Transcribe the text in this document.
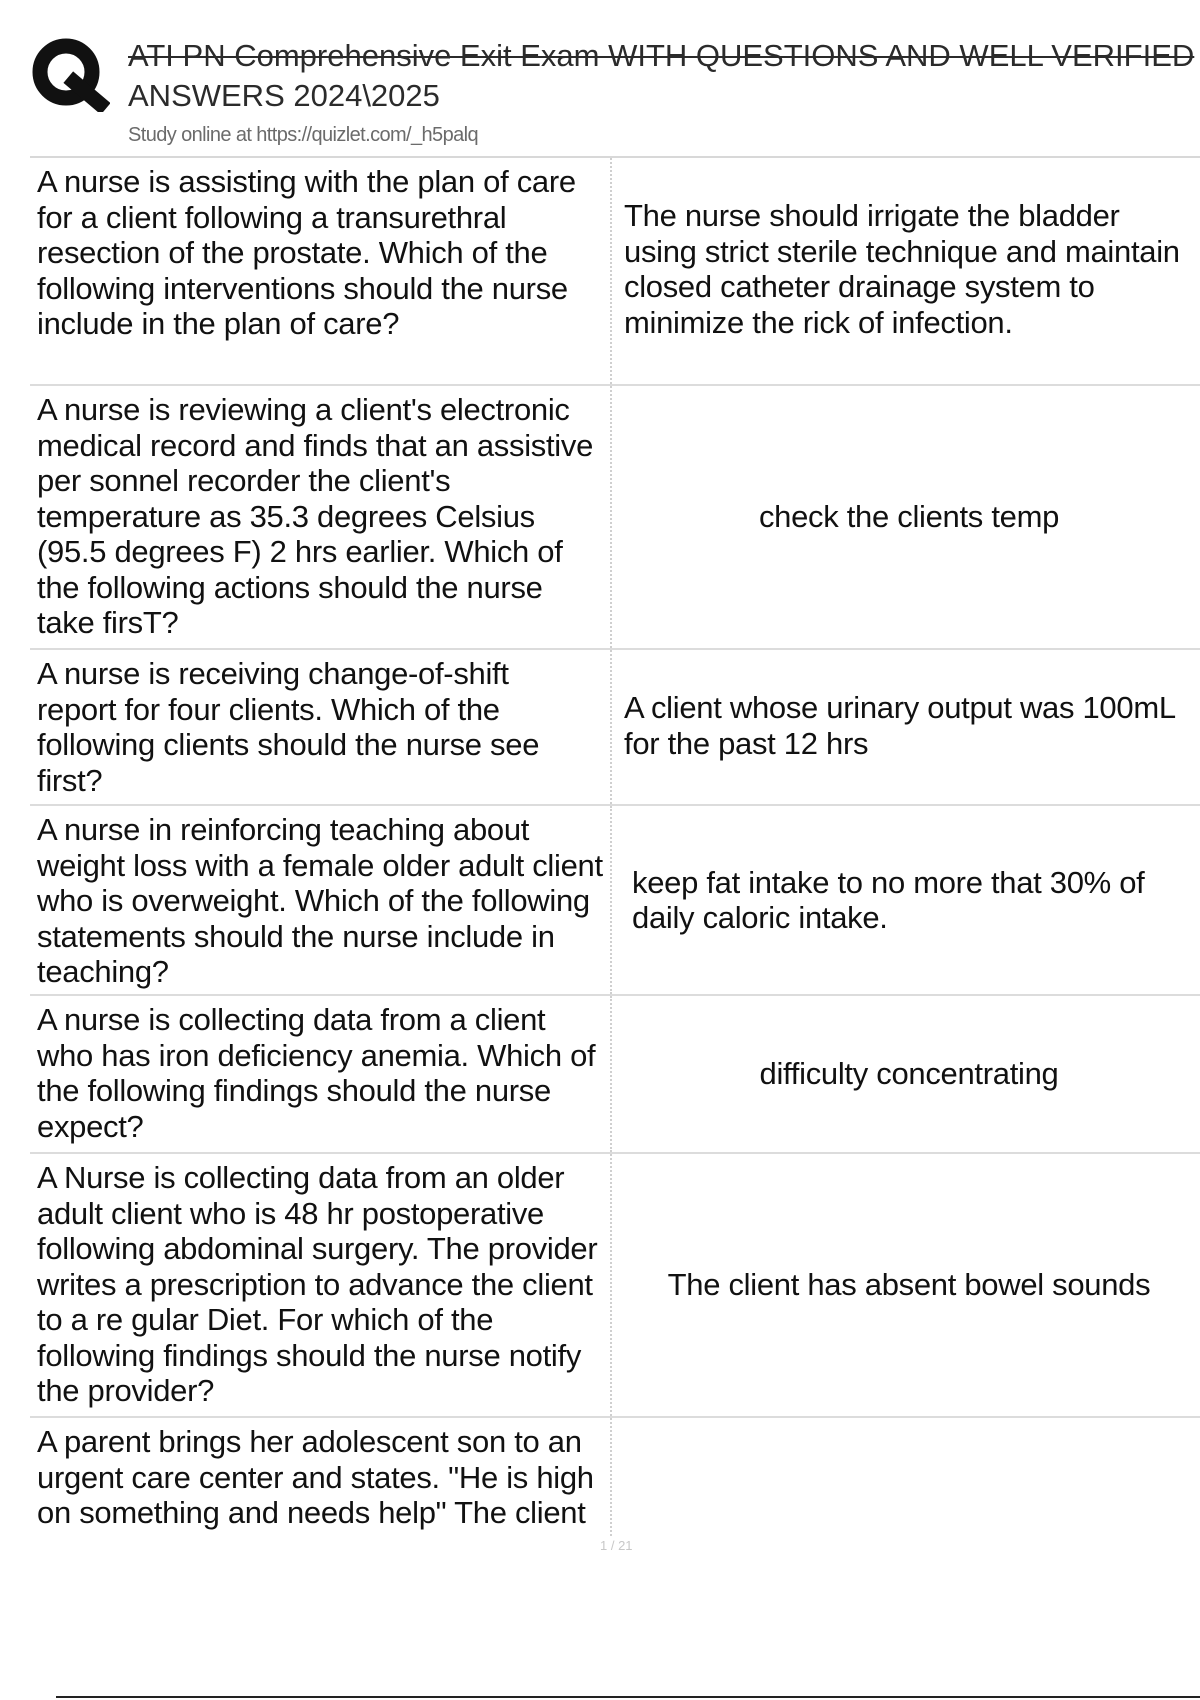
ATI PN Comprehensive Exit Exam WITH QUESTIONS AND WELL VERIFIED
ANSWERS 2024\2025
Study online at https://quizlet.com/_h5palq
A nurse is assisting with the plan of care for a client following a transurethral resection of the prostate. Which of the following interventions should the nurse include in the plan of care?
The nurse should irrigate the bladder using strict sterile technique and maintain closed catheter drainage system to minimize the rick of infection.
A nurse is reviewing a client's electronic medical record and finds that an assistive per sonnel recorder the client's temperature as 35.3 degrees Celsius (95.5 degrees F) 2 hrs earlier. Which of the following actions should the nurse take firsT?
check the clients temp
A nurse is receiving change-of-shift report for four clients. Which of the following clients should the nurse see first?
A client whose urinary output was 100mL for the past 12 hrs
A nurse in reinforcing teaching about weight loss with a female older adult client who is overweight. Which of the following statements should the nurse include in teaching?
keep fat intake to no more that 30% of daily caloric intake.
A nurse is collecting data from a client who has iron deficiency anemia. Which of the following findings should the nurse expect?
difficulty concentrating
A Nurse is collecting data from an older adult client who is 48 hr postoperative following abdominal surgery. The provider writes a prescription to advance the client to a re gular Diet. For which of the following findings should the nurse notify the provider?
The client has absent bowel sounds
A parent brings her adolescent son to an urgent care center and states. "He is high on something and needs help" The client
1 / 21
